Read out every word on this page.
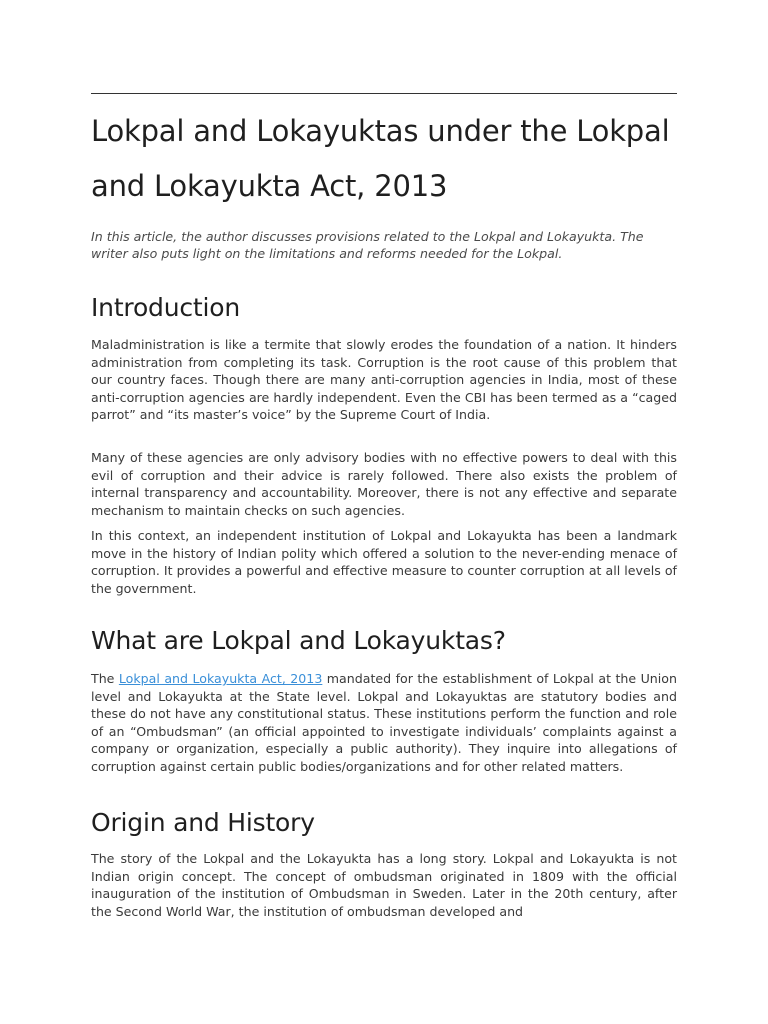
Lokpal and Lokayuktas under the Lokpal and Lokayukta Act, 2013

In this article, the author discusses provisions related to the Lokpal and Lokayukta. The writer also puts light on the limitations and reforms needed for the Lokpal.

Introduction

Maladministration is like a termite that slowly erodes the foundation of a nation. It hinders administration from completing its task. Corruption is the root cause of this problem that our country faces. Though there are many anti-corruption agencies in India, most of these anti-corruption agencies are hardly independent. Even the CBI has been termed as a “caged parrot” and “its master’s voice” by the Supreme Court of India.

Many of these agencies are only advisory bodies with no effective powers to deal with this evil of corruption and their advice is rarely followed. There also exists the problem of internal transparency and accountability. Moreover, there is not any effective and separate mechanism to maintain checks on such agencies.

In this context, an independent institution of Lokpal and Lokayukta has been a landmark move in the history of Indian polity which offered a solution to the never-ending menace of corruption. It provides a powerful and effective measure to counter corruption at all levels of the government.

What are Lokpal and Lokayuktas?

The Lokpal and Lokayukta Act, 2013 mandated for the establishment of Lokpal at the Union level and Lokayukta at the State level. Lokpal and Lokayuktas are statutory bodies and these do not have any constitutional status. These institutions perform the function and role of an “Ombudsman” (an official appointed to investigate individuals’ complaints against a company or organization, especially a public authority). They inquire into allegations of corruption against certain public bodies/organizations and for other related matters.

Origin and History

The story of the Lokpal and the Lokayukta has a long story. Lokpal and Lokayukta is not Indian origin concept. The concept of ombudsman originated in 1809 with the official inauguration of the institution of Ombudsman in Sweden. Later in the 20th century, after the Second World War, the institution of ombudsman developed and
